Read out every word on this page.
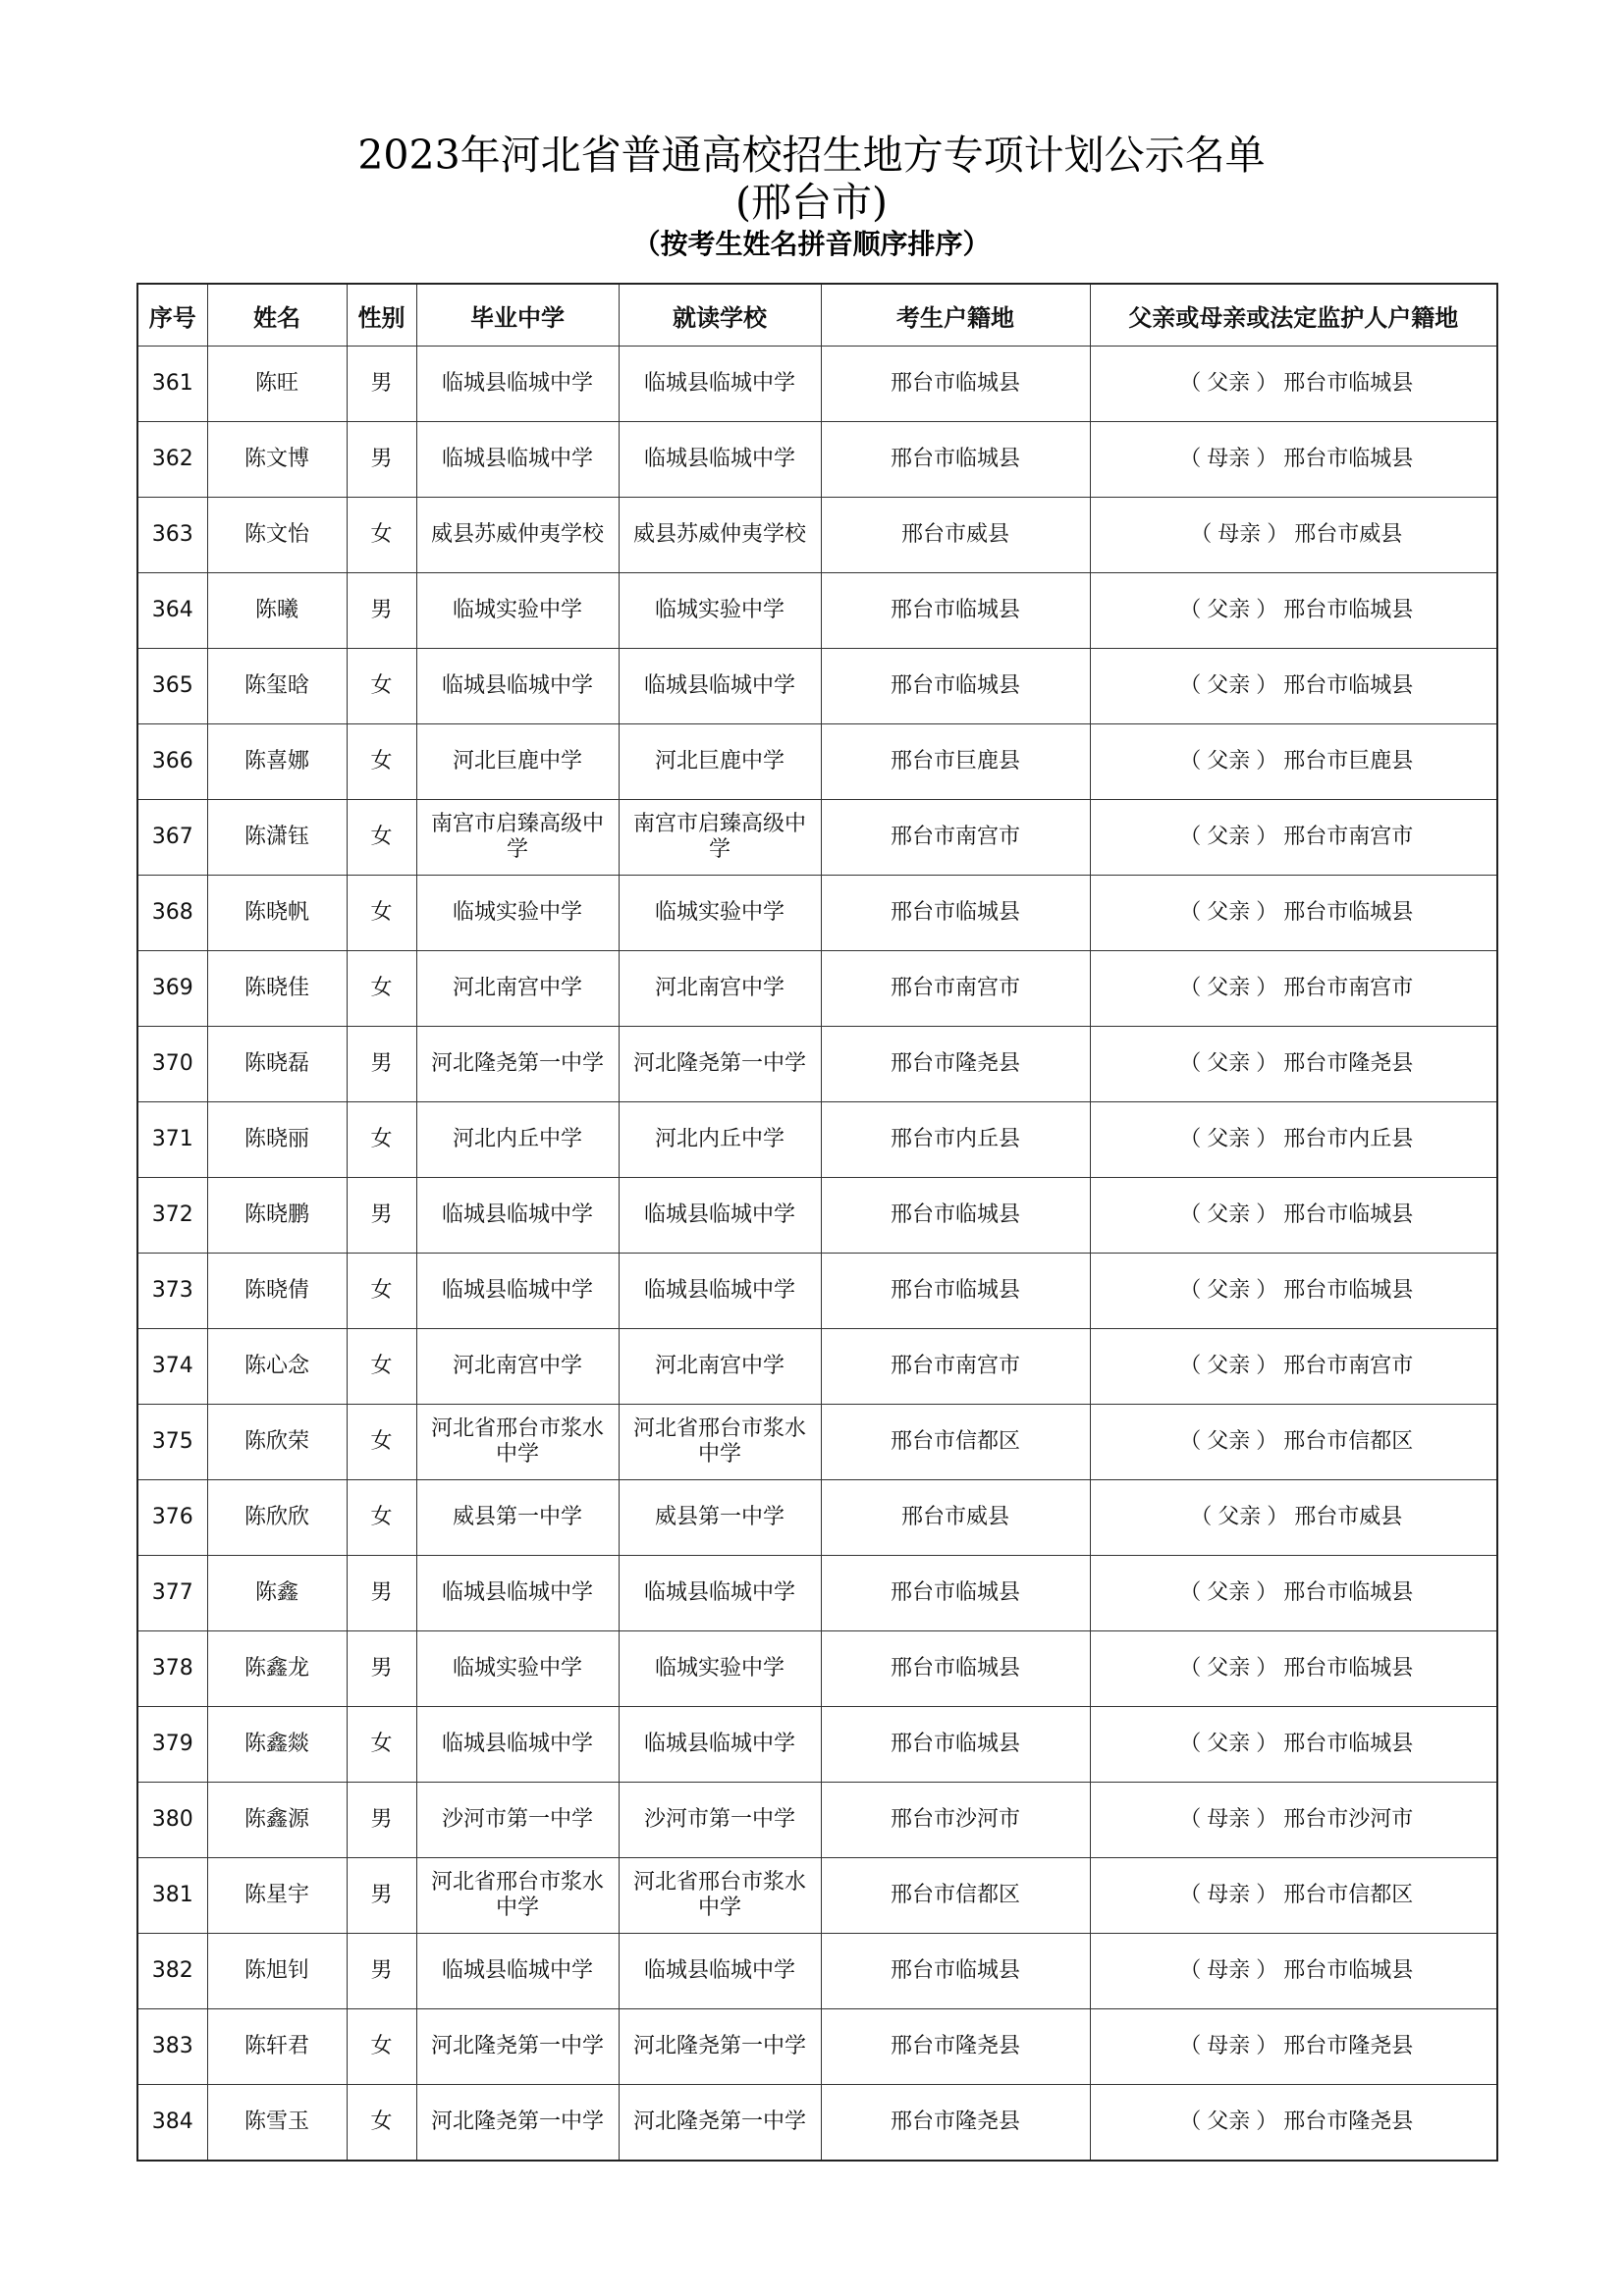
2023年河北省普通高校招生地方专项计划公示名单
(邢台市)
（按考生姓名拼音顺序排序）
序号	姓名	性别	毕业中学	就读学校	考生户籍地	父亲或母亲或法定监护人户籍地
361	陈旺	男	临城县临城中学	临城县临城中学	邢台市临城县	（ 父亲 ） 邢台市临城县
362	陈文博	男	临城县临城中学	临城县临城中学	邢台市临城县	（ 母亲 ） 邢台市临城县
363	陈文怡	女	威县苏威仲夷学校	威县苏威仲夷学校	邢台市威县	（ 母亲 ） 邢台市威县
364	陈曦	男	临城实验中学	临城实验中学	邢台市临城县	（ 父亲 ） 邢台市临城县
365	陈玺晗	女	临城县临城中学	临城县临城中学	邢台市临城县	（ 父亲 ） 邢台市临城县
366	陈喜娜	女	河北巨鹿中学	河北巨鹿中学	邢台市巨鹿县	（ 父亲 ） 邢台市巨鹿县
367	陈潇钰	女	南宫市启臻高级中学	南宫市启臻高级中学	邢台市南宫市	（ 父亲 ） 邢台市南宫市
368	陈晓帆	女	临城实验中学	临城实验中学	邢台市临城县	（ 父亲 ） 邢台市临城县
369	陈晓佳	女	河北南宫中学	河北南宫中学	邢台市南宫市	（ 父亲 ） 邢台市南宫市
370	陈晓磊	男	河北隆尧第一中学	河北隆尧第一中学	邢台市隆尧县	（ 父亲 ） 邢台市隆尧县
371	陈晓丽	女	河北内丘中学	河北内丘中学	邢台市内丘县	（ 父亲 ） 邢台市内丘县
372	陈晓鹏	男	临城县临城中学	临城县临城中学	邢台市临城县	（ 父亲 ） 邢台市临城县
373	陈晓倩	女	临城县临城中学	临城县临城中学	邢台市临城县	（ 父亲 ） 邢台市临城县
374	陈心念	女	河北南宫中学	河北南宫中学	邢台市南宫市	（ 父亲 ） 邢台市南宫市
375	陈欣荣	女	河北省邢台市浆水中学	河北省邢台市浆水中学	邢台市信都区	（ 父亲 ） 邢台市信都区
376	陈欣欣	女	威县第一中学	威县第一中学	邢台市威县	（ 父亲 ） 邢台市威县
377	陈鑫	男	临城县临城中学	临城县临城中学	邢台市临城县	（ 父亲 ） 邢台市临城县
378	陈鑫龙	男	临城实验中学	临城实验中学	邢台市临城县	（ 父亲 ） 邢台市临城县
379	陈鑫燚	女	临城县临城中学	临城县临城中学	邢台市临城县	（ 父亲 ） 邢台市临城县
380	陈鑫源	男	沙河市第一中学	沙河市第一中学	邢台市沙河市	（ 母亲 ） 邢台市沙河市
381	陈星宇	男	河北省邢台市浆水中学	河北省邢台市浆水中学	邢台市信都区	（ 母亲 ） 邢台市信都区
382	陈旭钊	男	临城县临城中学	临城县临城中学	邢台市临城县	（ 母亲 ） 邢台市临城县
383	陈轩君	女	河北隆尧第一中学	河北隆尧第一中学	邢台市隆尧县	（ 母亲 ） 邢台市隆尧县
384	陈雪玉	女	河北隆尧第一中学	河北隆尧第一中学	邢台市隆尧县	（ 父亲 ） 邢台市隆尧县
